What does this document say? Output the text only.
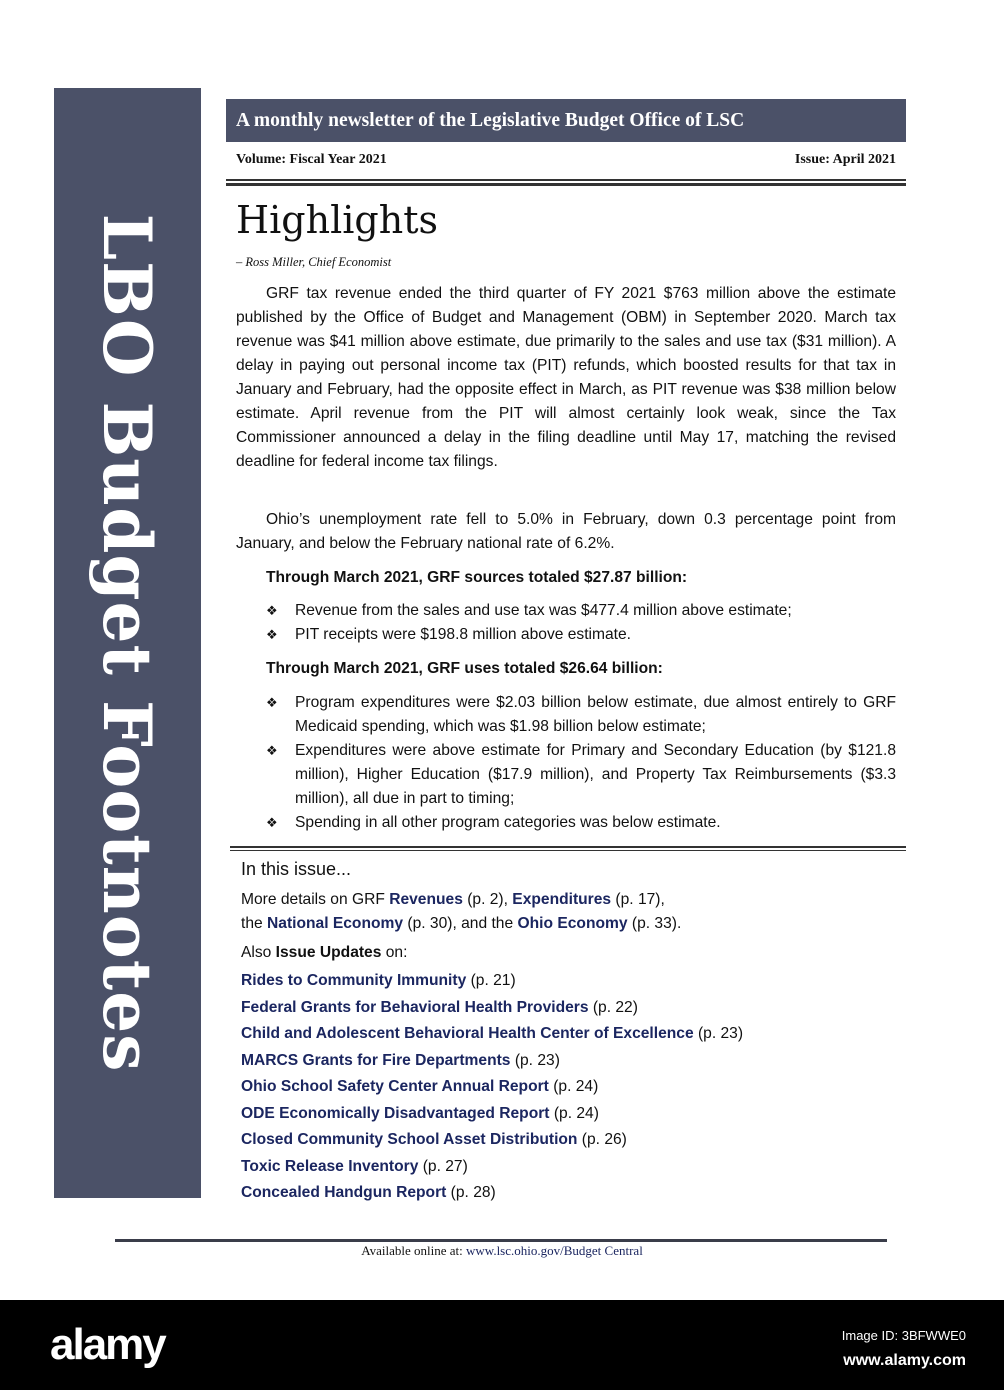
LBO Budget Footnotes
A monthly newsletter of the Legislative Budget Office of LSC
Volume: Fiscal Year 2021	Issue: April 2021
Highlights
– Ross Miller, Chief Economist
GRF tax revenue ended the third quarter of FY 2021 $763 million above the estimate published by the Office of Budget and Management (OBM) in September 2020. March tax revenue was $41 million above estimate, due primarily to the sales and use tax ($31 million). A delay in paying out personal income tax (PIT) refunds, which boosted results for that tax in January and February, had the opposite effect in March, as PIT revenue was $38 million below estimate. April revenue from the PIT will almost certainly look weak, since the Tax Commissioner announced a delay in the filing deadline until May 17, matching the revised deadline for federal income tax filings.
Ohio’s unemployment rate fell to 5.0% in February, down 0.3 percentage point from January, and below the February national rate of 6.2%.
Through March 2021, GRF sources totaled $27.87 billion:
❖ Revenue from the sales and use tax was $477.4 million above estimate;
❖ PIT receipts were $198.8 million above estimate.
Through March 2021, GRF uses totaled $26.64 billion:
❖ Program expenditures were $2.03 billion below estimate, due almost entirely to GRF Medicaid spending, which was $1.98 billion below estimate;
❖ Expenditures were above estimate for Primary and Secondary Education (by $121.8 million), Higher Education ($17.9 million), and Property Tax Reimbursements ($3.3 million), all due in part to timing;
❖ Spending in all other program categories was below estimate.
In this issue...
More details on GRF Revenues (p. 2), Expenditures (p. 17),
the National Economy (p. 30), and the Ohio Economy (p. 33).
Also Issue Updates on:
Rides to Community Immunity (p. 21)
Federal Grants for Behavioral Health Providers (p. 22)
Child and Adolescent Behavioral Health Center of Excellence (p. 23)
MARCS Grants for Fire Departments (p. 23)
Ohio School Safety Center Annual Report (p. 24)
ODE Economically Disadvantaged Report (p. 24)
Closed Community School Asset Distribution (p. 26)
Toxic Release Inventory (p. 27)
Concealed Handgun Report (p. 28)
Available online at: www.lsc.ohio.gov/Budget Central
alamy	Image ID: 3BFWWE0
www.alamy.com
